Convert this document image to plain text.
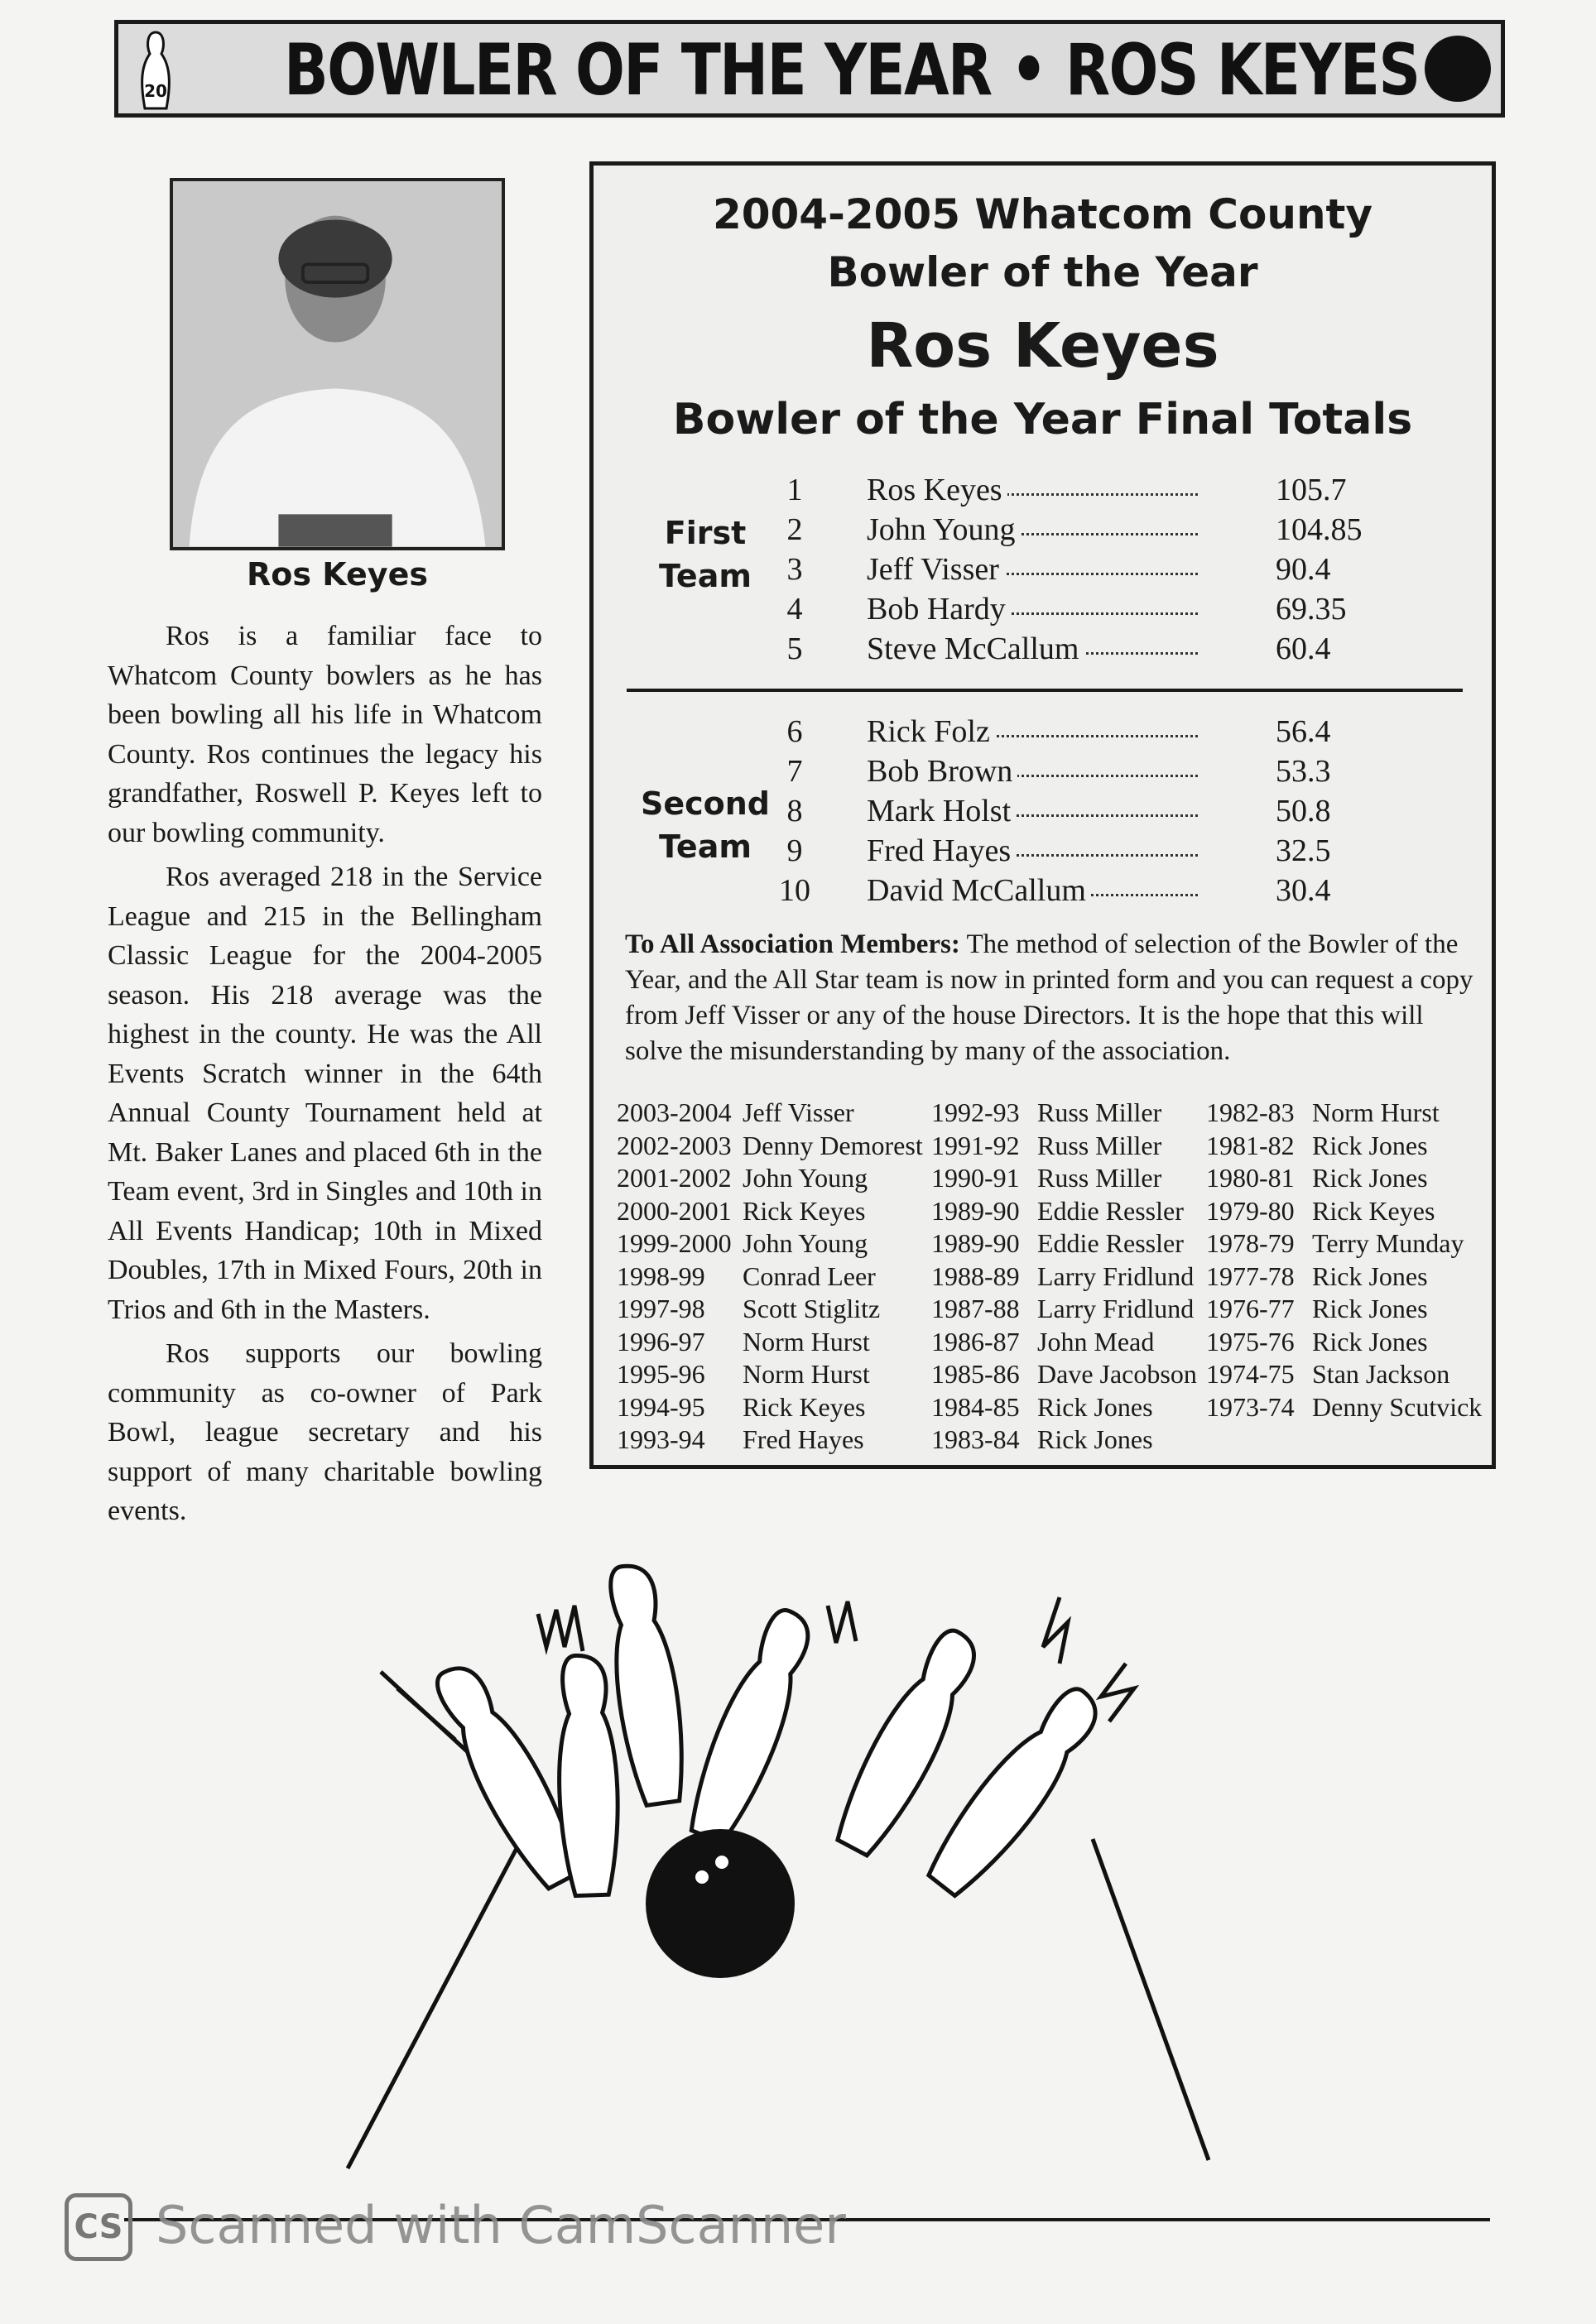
20 BOWLER OF THE YEAR • ROS KEYES
Ros Keyes

Ros is a familiar face to Whatcom County bowlers as he has been bowling all his life in Whatcom County. Ros continues the legacy his grandfather, Roswell P. Keyes left to our bowling community.

Ros averaged 218 in the Service League and 215 in the Bellingham Classic League for the 2004-2005 season. His 218 average was the highest in the county. He was the All Events Scratch winner in the 64th Annual County Tournament held at Mt. Baker Lanes and placed 6th in the Team event, 3rd in Singles and 10th in All Events Handicap; 10th in Mixed Doubles, 17th in Mixed Fours, 20th in Trios and 6th in the Masters.

Ros supports our bowling community as co-owner of Park Bowl, league secretary and his support of many charitable bowling events.

2004-2005 Whatcom County
Bowler of the Year
Ros Keyes
Bowler of the Year Final Totals
First
Team
Second
Team
1	Ros Keyes	105.7
2	John Young	104.85
3	Jeff Visser	90.4
4	Bob Hardy	69.35
5	Steve McCallum	60.4
6	Rick Folz	56.4
7	Bob Brown	53.3
8	Mark Holst	50.8
9	Fred Hayes	32.5
10 David McCallum	30.4
To All Association Members: The method of selection of the Bowler of the Year, and the All Star team is now in printed form and you can request a copy from Jeff Visser or any of the house Directors. It is the hope that this will solve the misunderstanding by many of the association.
2003-2004 Jeff Visser
2002-2003 Denny Demorest
2001-2002 John Young
2000-2001 Rick Keyes
1999-2000 John Young
1998-99 Conrad Leer
1997-98 Scott Stiglitz
1996-97 Norm Hurst
1995-96 Norm Hurst
1994-95 Rick Keyes
1993-94 Fred Hayes
1992-93 Russ Miller
1991-92 Russ Miller
1990-91 Russ Miller
1989-90 Eddie Ressler
1989-90 Eddie Ressler
1988-89 Larry Fridlund
1987-88 Larry Fridlund
1986-87 John Mead
1985-86 Dave Jacobson
1984-85 Rick Jones
1983-84 Rick Jones
1982-83 Norm Hurst
1981-82 Rick Jones
1980-81 Rick Jones
1979-80 Rick Keyes
1978-79 Terry Munday
1977-78 Rick Jones
1976-77 Rick Jones
1975-76 Rick Jones
1974-75 Stan Jackson
1973-74 Denny Scutvick
CS Scanned with CamScanner
